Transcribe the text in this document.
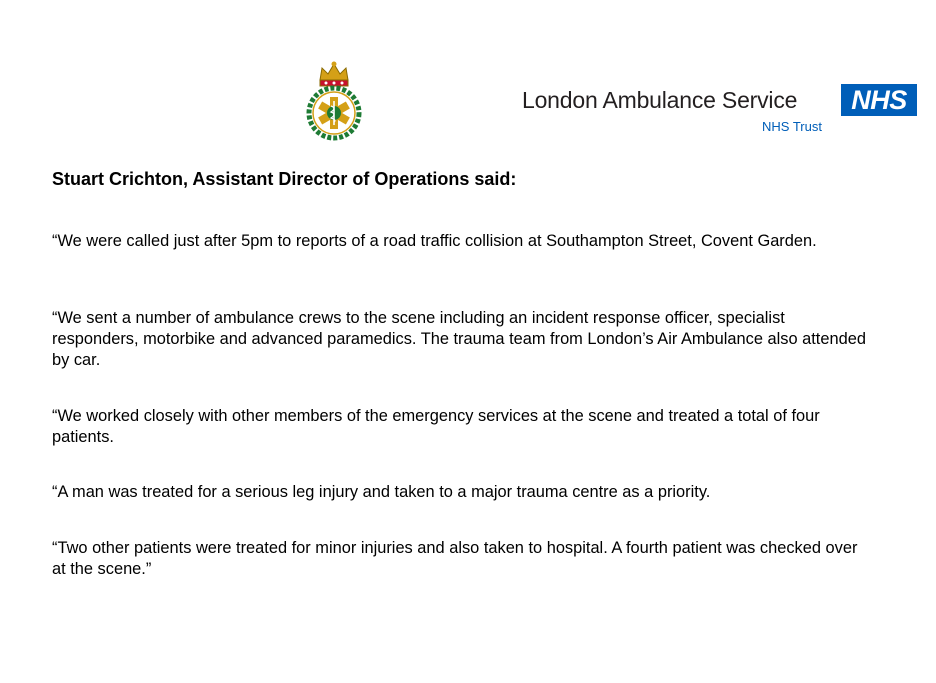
London Ambulance Service	NHS
NHS Trust
Stuart Crichton, Assistant Director of Operations said:

“We were called just after 5pm to reports of a road traffic collision at Southampton Street, Covent Garden.

“We sent a number of ambulance crews to the scene including an incident response officer, specialist responders, motorbike and advanced paramedics. The trauma team from London’s Air Ambulance also attended by car.

“We worked closely with other members of the emergency services at the scene and treated a total of four patients.

“A man was treated for a serious leg injury and taken to a major trauma centre as a priority.

“Two other patients were treated for minor injuries and also taken to hospital. A fourth patient was checked over at the scene.”
